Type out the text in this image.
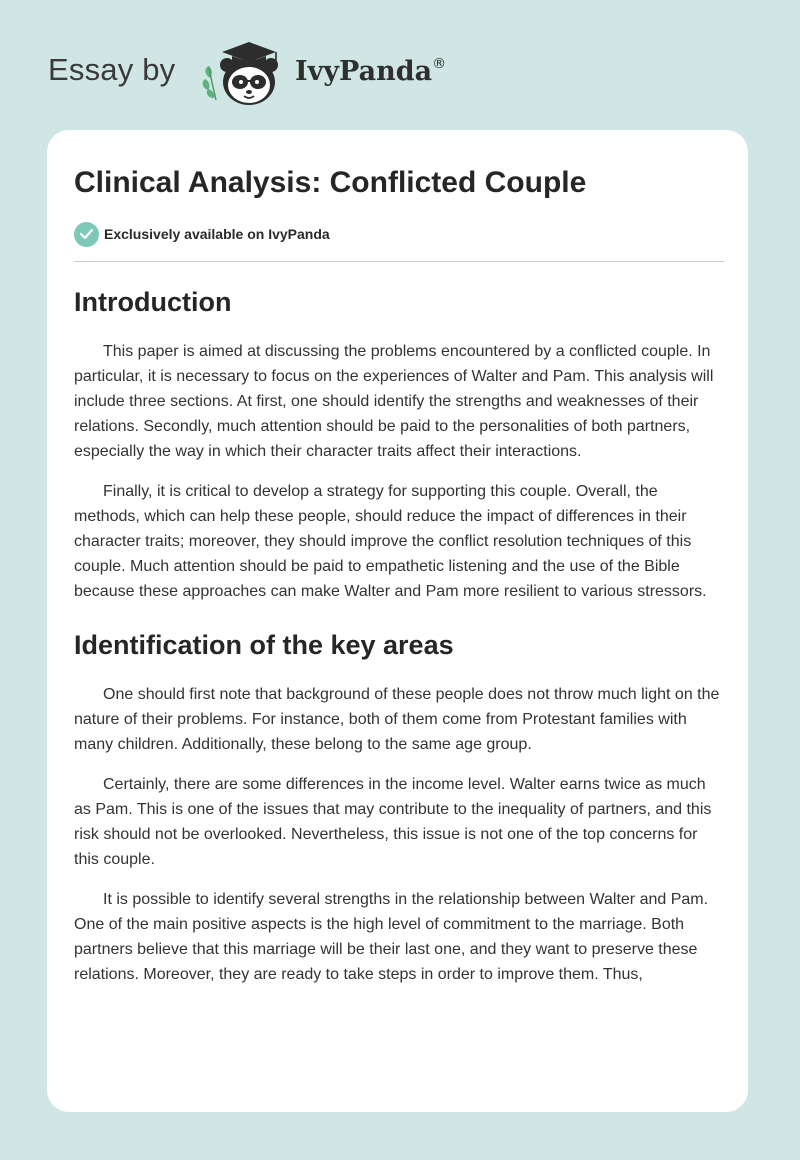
Essay by	IvyPanda®
Clinical Analysis: Conflicted Couple
Exclusively available on IvyPanda
Introduction

This paper is aimed at discussing the problems encountered by a conflicted couple. In particular, it is necessary to focus on the experiences of Walter and Pam. This analysis will include three sections. At first, one should identify the strengths and weaknesses of their relations. Secondly, much attention should be paid to the personalities of both partners, especially the way in which their character traits affect their interactions.

Finally, it is critical to develop a strategy for supporting this couple. Overall, the methods, which can help these people, should reduce the impact of differences in their character traits; moreover, they should improve the conflict resolution techniques of this couple. Much attention should be paid to empathetic listening and the use of the Bible because these approaches can make Walter and Pam more resilient to various stressors.

Identification of the key areas

One should first note that background of these people does not throw much light on the nature of their problems. For instance, both of them come from Protestant families with many children. Additionally, these belong to the same age group.

Certainly, there are some differences in the income level. Walter earns twice as much as Pam. This is one of the issues that may contribute to the inequality of partners, and this risk should not be overlooked. Nevertheless, this issue is not one of the top concerns for this couple.

It is possible to identify several strengths in the relationship between Walter and Pam. One of the main positive aspects is the high level of commitment to the marriage. Both partners believe that this marriage will be their last one, and they want to preserve these relations. Moreover, they are ready to take steps in order to improve them. Thus,
